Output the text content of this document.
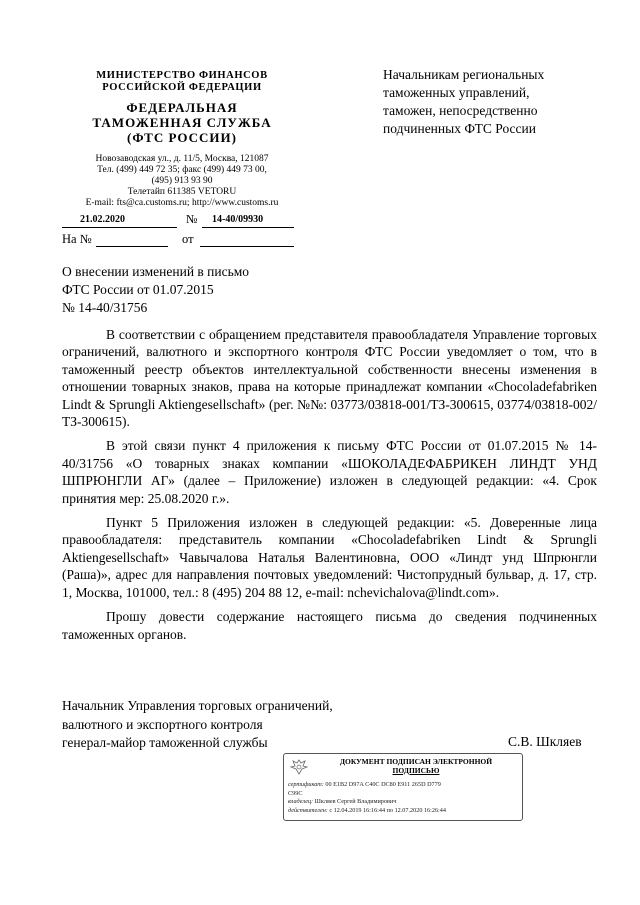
МИНИСТЕРСТВО ФИНАНСОВ
РОССИЙСКОЙ ФЕДЕРАЦИИ
ФЕДЕРАЛЬНАЯ
ТАМОЖЕННАЯ СЛУЖБА
(ФТС РОССИИ)
Новозаводская ул., д. 11/5, Москва, 121087
Тел. (499) 449 72 35; факс (499) 449 73 00,
(495) 913 93 90
Телетайп 611385 VETORU
E-mail: fts@ca.customs.ru; http://www.customs.ru
Начальникам региональных
таможенных управлений,
таможен, непосредственно
подчиненных ФТС России
21.02.2020	№ 14-40/09930
На №	от
О внесении изменений в письмо
ФТС России от 01.07.2015
№ 14-40/31756

В соответствии с обращением представителя правообладателя Управление торговых ограничений, валютного и экспортного контроля ФТС России уведомляет о том, что в таможенный реестр объектов интеллектуальной собственности внесены изменения в отношении товарных знаков, права на которые принадлежат компании «Chocoladefabriken Lindt & Sprungli Aktiengesellschaft» (рег. №№: 03773/03818-001/ТЗ-300615, 03774/03818-002/ТЗ-300615).

В этой связи пункт 4 приложения к письму ФТС России от 01.07.2015 № 14-40/31756 «О товарных знаках компании «ШОКОЛАДЕФАБРИКЕН ЛИНДТ УНД ШПРЮНГЛИ АГ» (далее – Приложение) изложен в следующей редакции: «4. Срок принятия мер: 25.08.2020 г.».

Пункт 5 Приложения изложен в следующей редакции: «5. Доверенные лица правообладателя: представитель компании «Chocoladefabriken Lindt & Sprungli Aktiengesellschaft» Чавычалова Наталья Валентиновна, ООО «Линдт унд Шпрюнгли (Раша)», адрес для направления почтовых уведомлений: Чистопрудный бульвар, д. 17, стр. 1, Москва, 101000, тел.: 8 (495) 204 88 12, e-mail: nchevichalova@lindt.com».

Прошу довести содержание настоящего письма до сведения подчиненных таможенных органов.

Начальник Управления торговых ограничений,
валютного и экспортного контроля
генерал-майор таможенной службы	С.В. Шкляев
ДОКУМЕНТ ПОДПИСАН ЭЛЕКТРОННОЙ
ПОДПИСЬЮ
сертификат: 00 E1B2 D97A C40C DC80 E911 265D D779
C99C
владелец: Шкляев Сергей Владимирович
действителен: с 12.04.2019 16:16:44 по 12.07.2020 16:26:44
